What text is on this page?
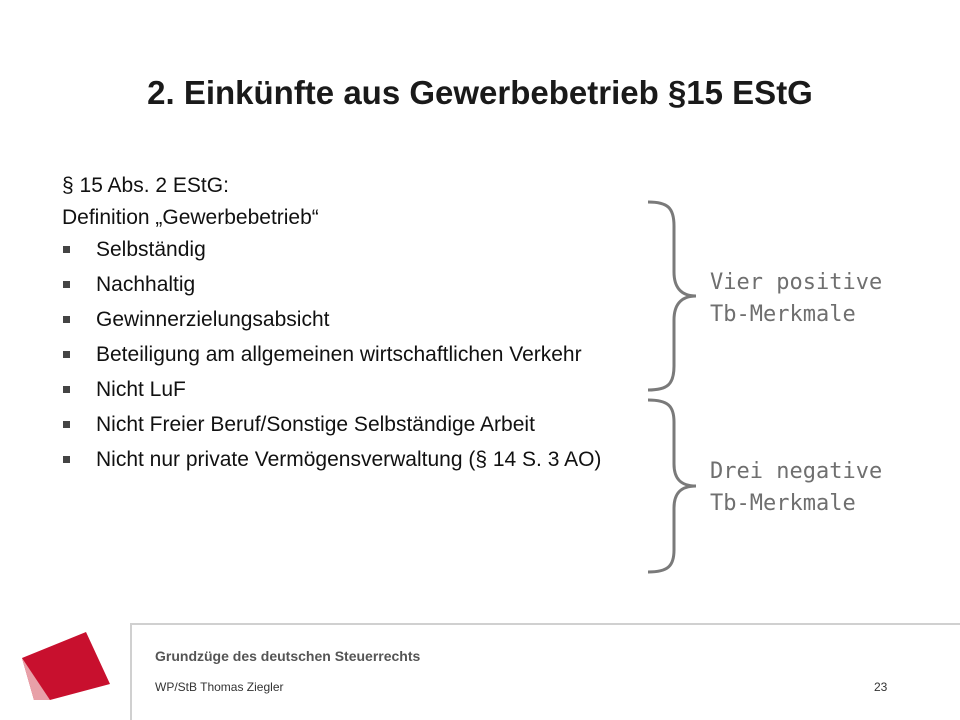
2. Einkünfte aus Gewerbebetrieb §15 EStG
§ 15 Abs. 2 EStG:
Definition „Gewerbebetrieb“
Selbständig
Nachhaltig
Gewinnerzielungsabsicht
Beteiligung am allgemeinen wirtschaftlichen Verkehr
Nicht LuF
Nicht Freier Beruf/Sonstige Selbständige Arbeit
Nicht nur private Vermögensverwaltung (§ 14 S. 3 AO)
Vier positive
Tb-Merkmale
Drei negative
Tb-Merkmale
M
Grundzüge des deutschen Steuerrechts
WP/StB Thomas Ziegler	23
